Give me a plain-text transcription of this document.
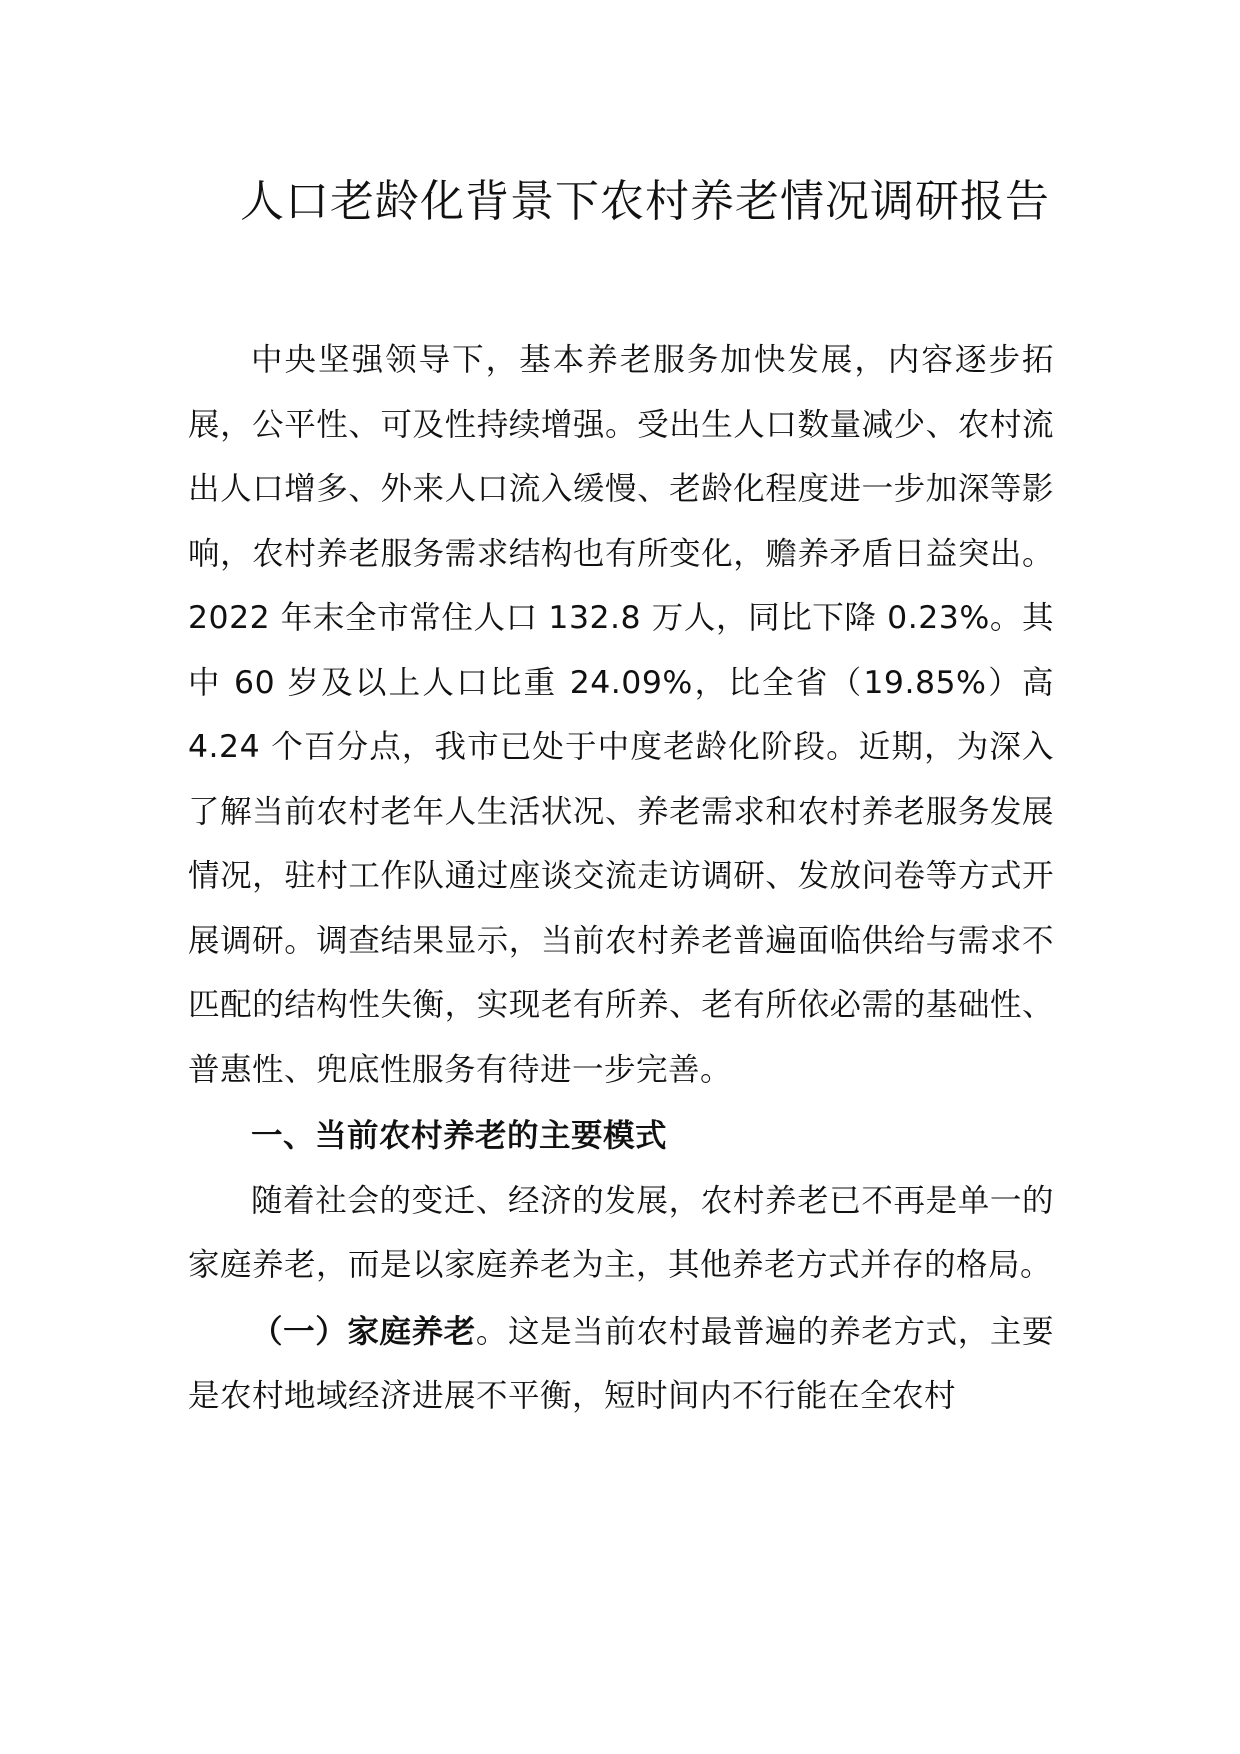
人口老龄化背景下农村养老情况调研报告

中央坚强领导下，基本养老服务加快发展，内容逐步拓展，公平性、可及性持续增强。受出生人口数量减少、农村流出人口增多、外来人口流入缓慢、老龄化程度进一步加深等影响，农村养老服务需求结构也有所变化，赡养矛盾日益突出。2022 年末全市常住人口 132.8 万人，同比下降 0.23%。其中 60 岁及以上人口比重 24.09%，比全省（19.85%）高 4.24 个百分点，我市已处于中度老龄化阶段。近期，为深入了解当前农村老年人生活状况、养老需求和农村养老服务发展情况，驻村工作队通过座谈交流走访调研、发放问卷等方式开展调研。调查结果显示，当前农村养老普遍面临供给与需求不匹配的结构性失衡，实现老有所养、老有所依必需的基础性、普惠性、兜底性服务有待进一步完善。

一、当前农村养老的主要模式

随着社会的变迁、经济的发展，农村养老已不再是单一的家庭养老，而是以家庭养老为主，其他养老方式并存的格局。

（一）家庭养老。这是当前农村最普遍的养老方式，主要是农村地域经济进展不平衡，短时间内不行能在全农村
